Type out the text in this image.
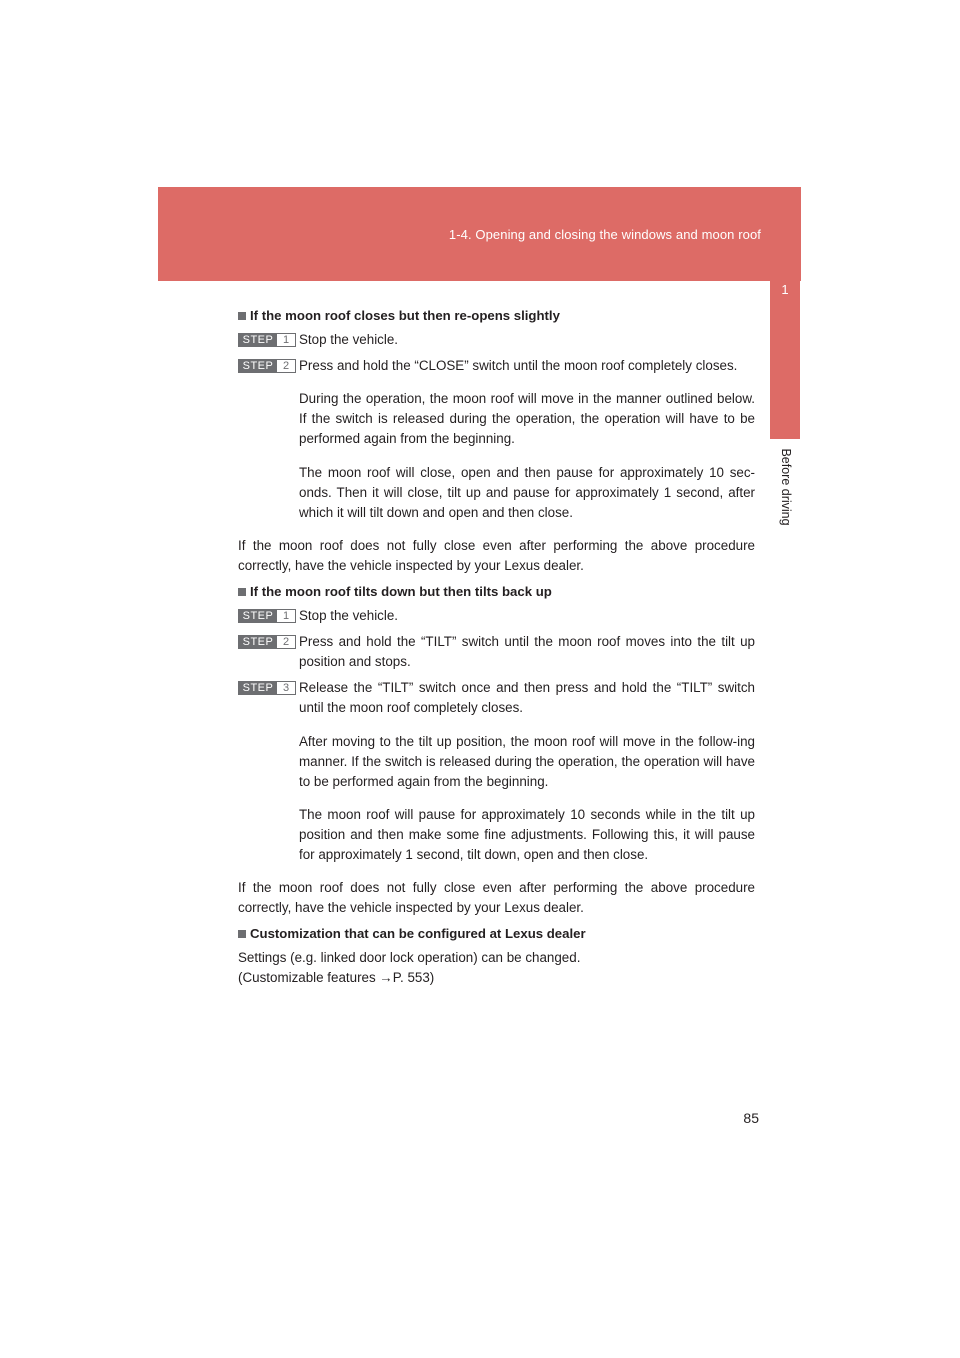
1-4. Opening and closing the windows and moon roof
1
Before driving
If the moon roof closes but then re-opens slightly
STEP 1 Stop the vehicle.
STEP 2 Press and hold the “CLOSE” switch until the moon roof completely closes.

During the operation, the moon roof will move in the manner outlined below. If the switch is released during the operation, the operation will have to be performed again from the beginning.

The moon roof will close, open and then pause for approximately 10 sec-onds. Then it will close, tilt up and pause for approximately 1 second, after which it will tilt down and open and then close.

If the moon roof does not fully close even after performing the above procedure correctly, have the vehicle inspected by your Lexus dealer.

If the moon roof tilts down but then tilts back up
STEP 1 Stop the vehicle.
STEP 2 Press and hold the “TILT” switch until the moon roof moves into the tilt up position and stops.
STEP 3 Release the “TILT” switch once and then press and hold the “TILT” switch until the moon roof completely closes.

After moving to the tilt up position, the moon roof will move in the follow-ing manner. If the switch is released during the operation, the operation will have to be performed again from the beginning.

The moon roof will pause for approximately 10 seconds while in the tilt up position and then make some fine adjustments. Following this, it will pause for approximately 1 second, tilt down, open and then close.

If the moon roof does not fully close even after performing the above procedure correctly, have the vehicle inspected by your Lexus dealer.

Customization that can be configured at Lexus dealer

Settings (e.g. linked door lock operation) can be changed.

(Customizable features →P. 553)

85
